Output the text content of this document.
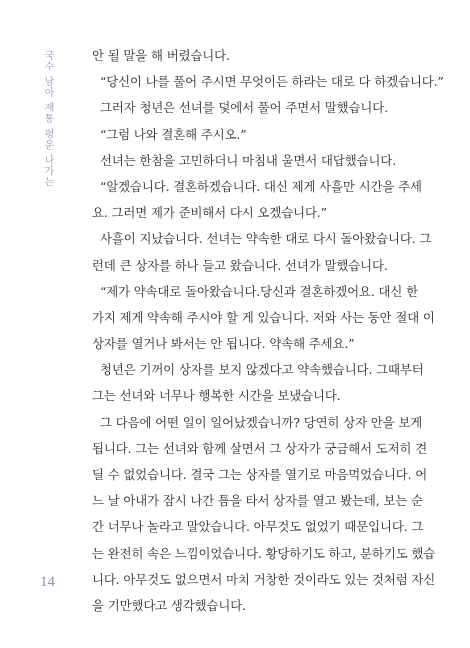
국수 남아 재통 평운 나가는	안 될 말을 해 버렸습니다.
“당신이 나를 풀어 주시면 무엇이든 하라는 대로 다 하겠습니다.”
그러자 청년은 선녀를 덫에서 풀어 주면서 말했습니다.
“그럼 나와 결혼해 주시오.”
선녀는 한참을 고민하더니 마침내 울면서 대답했습니다.
“알겠습니다. 결혼하겠습니다. 대신 제게 사흘만 시간을 주세
요. 그러면 제가 준비해서 다시 오겠습니다.”
사흘이 지났습니다. 선녀는 약속한 대로 다시 돌아왔습니다. 그
런데 큰 상자를 하나 들고 왔습니다. 선녀가 말했습니다.
“제가 약속대로 돌아왔습니다.당신과 결혼하겠어요. 대신 한
가지 제게 약속해 주시야 할 게 있습니다. 저와 사는 동안 절대 이
상자를 열거나 봐서는 안 됩니다. 약속해 주세요.”
청년은 기꺼이 상자를 보지 않겠다고 약속했습니다. 그때부터
그는 선녀와 너무나 행복한 시간을 보냈습니다.
그 다음에 어떤 일이 일어났겠습니까? 당연히 상자 안을 보게
됩니다. 그는 선녀와 함께 살면서 그 상자가 궁금해서 도저히 견
딜 수 없었습니다. 결국 그는 상자를 열기로 마음먹었습니다. 어
느 날 아내가 잠시 나간 틈을 타서 상자를 열고 봤는데, 보는 순
간 너무나 놀라고 말았습니다. 아무것도 없었기 때문입니다. 그
는 완전히 속은 느낌이었습니다. 황당하기도 하고, 분하기도 했습
니다. 아무것도 없으면서 마치 거창한 것이라도 있는 것처럼 자신
을 기만했다고 생각했습니다.
14
